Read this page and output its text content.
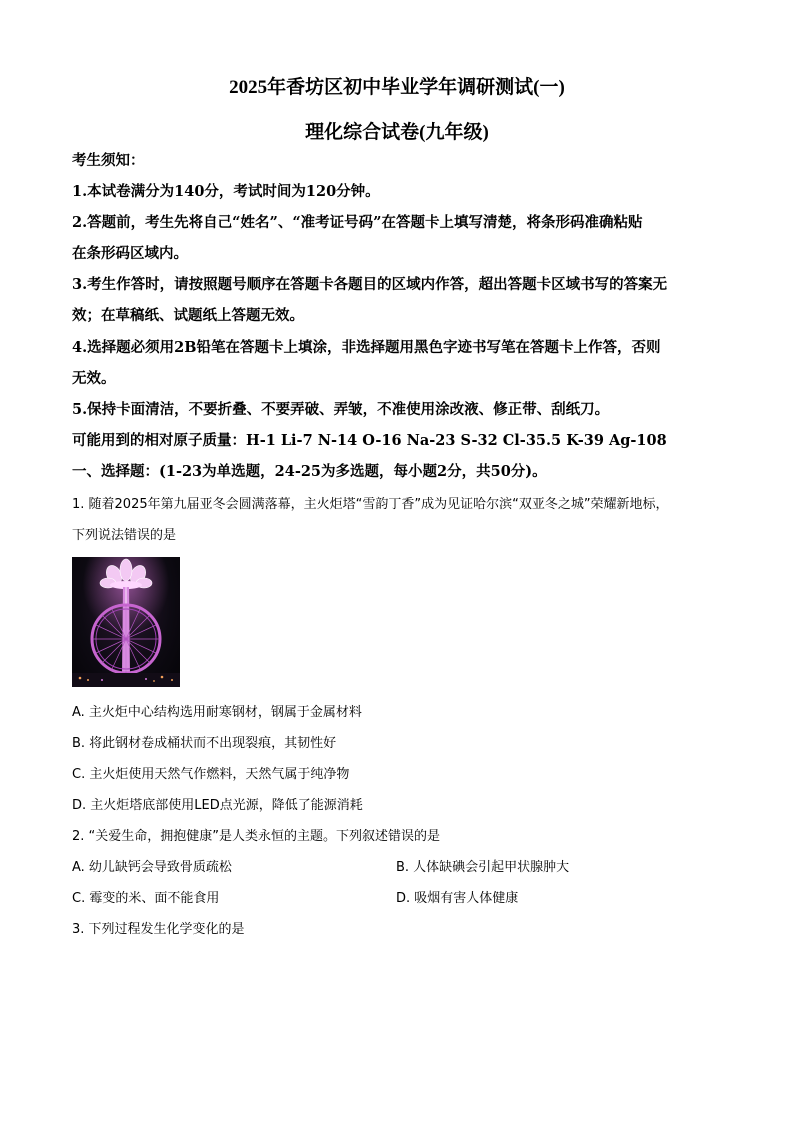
2025年香坊区初中毕业学年调研测试(一)
理化综合试卷(九年级)
考生须知：
1.本试卷满分为140分，考试时间为120分钟。
2.答题前，考生先将自己“姓名”、“准考证号码”在答题卡上填写清楚，将条形码准确粘贴
在条形码区域内。
3.考生作答时，请按照题号顺序在答题卡各题目的区域内作答，超出答题卡区域书写的答案无
效；在草稿纸、试题纸上答题无效。
4.选择题必须用2B铅笔在答题卡上填涂，非选择题用黑色字迹书写笔在答题卡上作答，否则
无效。
5.保持卡面清洁，不要折叠、不要弄破、弄皱，不准使用涂改液、修正带、刮纸刀。
可能用到的相对原子质量：H-1 Li-7 N-14 O-16 Na-23 S-32 Cl-35.5 K-39 Ag-108
一、选择题：(1-23为单选题，24-25为多选题，每小题2分，共50分)。
1. 随着2025年第九届亚冬会圆满落幕，主火炬塔“雪韵丁香”成为见证哈尔滨“双亚冬之城”荣耀新地标，
下列说法错误的是
A. 主火炬中心结构选用耐寒钢材，钢属于金属材料
B. 将此钢材卷成桶状而不出现裂痕，其韧性好
C. 主火炬使用天然气作燃料，天然气属于纯净物
D. 主火炬塔底部使用LED点光源，降低了能源消耗
2. “关爱生命，拥抱健康”是人类永恒的主题。下列叙述错误的是
A. 幼儿缺钙会导致骨质疏松	B. 人体缺碘会引起甲状腺肿大
C. 霉变的米、面不能食用	D. 吸烟有害人体健康
3. 下列过程发生化学变化的是
